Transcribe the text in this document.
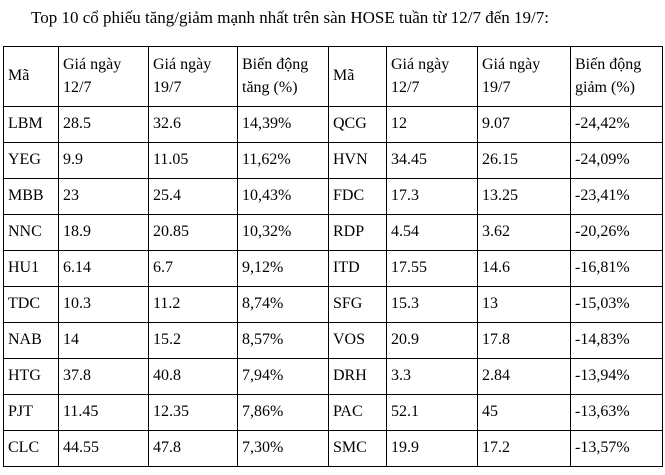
Top 10 cổ phiếu tăng/giảm mạnh nhất trên sàn HOSE tuần từ 12/7 đến 19/7:
Mã	Giá ngày 12/7	Giá ngày 19/7	Biến động tăng (%)	Mã	Giá ngày 12/7	Giá ngày 19/7	Biến động giảm (%)
LBM	28.5	32.6	14,39%	QCG	12	9.07	-24,42%
YEG	9.9	11.05	11,62%	HVN	34.45	26.15	-24,09%
MBB	23	25.4	10,43%	FDC	17.3	13.25	-23,41%
NNC	18.9	20.85	10,32%	RDP	4.54	3.62	-20,26%
HU1	6.14	6.7	9,12%	ITD	17.55	14.6	-16,81%
TDC	10.3	11.2	8,74%	SFG	15.3	13	-15,03%
NAB	14	15.2	8,57%	VOS	20.9	17.8	-14,83%
HTG	37.8	40.8	7,94%	DRH	3.3	2.84	-13,94%
PJT	11.45	12.35	7,86%	PAC	52.1	45	-13,63%
CLC	44.55	47.8	7,30%	SMC	19.9	17.2	-13,57%
